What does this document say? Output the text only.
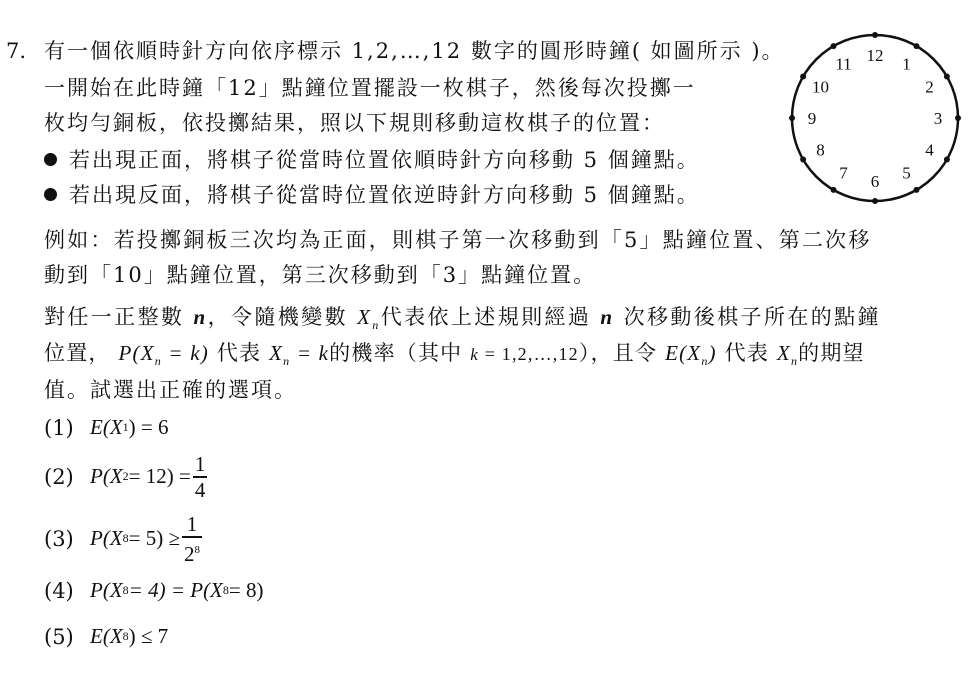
7. 有一個依順時針方向依序標示 1,2,…,12 數字的圓形時鐘( 如圖所示 )。
一開始在此時鐘「12」點鐘位置擺設一枚棋子，然後每次投擲一
枚均勻銅板，依投擲結果，照以下規則移動這枚棋子的位置：
若出現正面，將棋子從當時位置依順時針方向移動 5 個鐘點。
若出現反面，將棋子從當時位置依逆時針方向移動 5 個鐘點。
例如：若投擲銅板三次均為正面，則棋子第一次移動到「5」點鐘位置、第二次移
動到「10」點鐘位置，第三次移動到「3」點鐘位置。
對任一正整數 n，令隨機變數 $X_n$代表依上述規則經過 n 次移動後棋子所在的點鐘
位置， $P(X_n = k)$ 代表 $X_n = k$的機率（其中 k = 1,2,…,12），且令 $E(X_n)$ 代表 $X_n$的期望
值。試選出正確的選項。
(1) E(X 1 ) = 6
(2) P(X $2 = 12) = \frac{1}{4}$
(3) P(X $8 = 5) \ge \frac{1}{2^8}$
(4) P(X 8 = 4) = P(X 8 = 8)
(5) E(X 8 ) ≤ 7
12 1
2
3
4
5
6
7
8
9
10
11
